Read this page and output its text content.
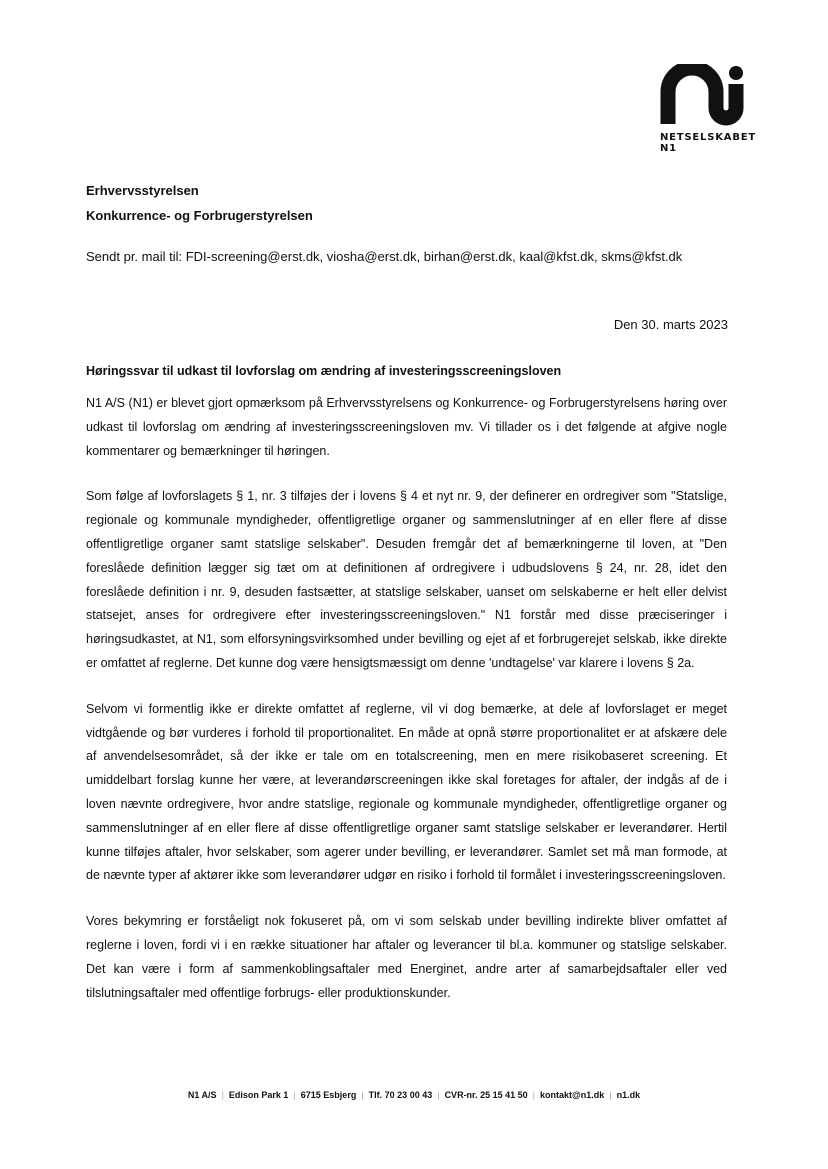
NETSELSKABET
N1
Erhvervsstyrelsen
Konkurrence- og Forbrugerstyrelsen
Sendt pr. mail til: FDI-screening@erst.dk, viosha@erst.dk, birhan@erst.dk, kaal@kfst.dk, skms@kfst.dk
Den 30. marts 2023
Høringssvar til udkast til lovforslag om ændring af investeringsscreeningsloven

N1 A/S (N1) er blevet gjort opmærksom på Erhvervsstyrelsens og Konkurrence- og Forbrugerstyrelsens høring over udkast til lovforslag om ændring af investeringsscreeningsloven mv. Vi tillader os i det følgende at afgive nogle kommentarer og bemærkninger til høringen.

Som følge af lovforslagets § 1, nr. 3 tilføjes der i lovens § 4 et nyt nr. 9, der definerer en ordregiver som "Statslige, regionale og kommunale myndigheder, offentligretlige organer og sammenslutninger af en eller flere af disse offentligretlige organer samt statslige selskaber". Desuden fremgår det af bemærkningerne til loven, at "Den foreslåede definition lægger sig tæt om at definitionen af ordregivere i udbudslovens § 24, nr. 28, idet den foreslåede definition i nr. 9, desuden fastsætter, at statslige selskaber, uanset om selskaberne er helt eller delvist statsejet, anses for ordregivere efter investeringsscreeningsloven." N1 forstår med disse præciseringer i høringsudkastet, at N1, som elforsyningsvirksomhed under bevilling og ejet af et forbrugerejet selskab, ikke direkte er omfattet af reglerne. Det kunne dog være hensigtsmæssigt om denne 'undtagelse' var klarere i lovens § 2a.

Selvom vi formentlig ikke er direkte omfattet af reglerne, vil vi dog bemærke, at dele af lovforslaget er meget vidtgående og bør vurderes i forhold til proportionalitet. En måde at opnå større proportionalitet er at afskære dele af anvendelsesområdet, så der ikke er tale om en totalscreening, men en mere risikobaseret screening. Et umiddelbart forslag kunne her være, at leverandørscreeningen ikke skal foretages for aftaler, der indgås af de i loven nævnte ordregivere, hvor andre statslige, regionale og kommunale myndigheder, offentligretlige organer og sammenslutninger af en eller flere af disse offentligretlige organer samt statslige selskaber er leverandører. Hertil kunne tilføjes aftaler, hvor selskaber, som agerer under bevilling, er leverandører. Samlet set må man formode, at de nævnte typer af aktører ikke som leverandører udgør en risiko i forhold til formålet i investeringsscreeningsloven.

Vores bekymring er forståeligt nok fokuseret på, om vi som selskab under bevilling indirekte bliver omfattet af reglerne i loven, fordi vi i en række situationer har aftaler og leverancer til bl.a. kommuner og statslige selskaber. Det kan være i form af sammenkoblingsaftaler med Energinet, andre arter af samarbejdsaftaler eller ved tilslutningsaftaler med offentlige forbrugs- eller produktionskunder.

N1 A/S | Edison Park 1 | 6715 Esbjerg | Tlf. 70 23 00 43 | CVR-nr. 25 15 41 50 | kontakt@n1.dk | n1.dk
